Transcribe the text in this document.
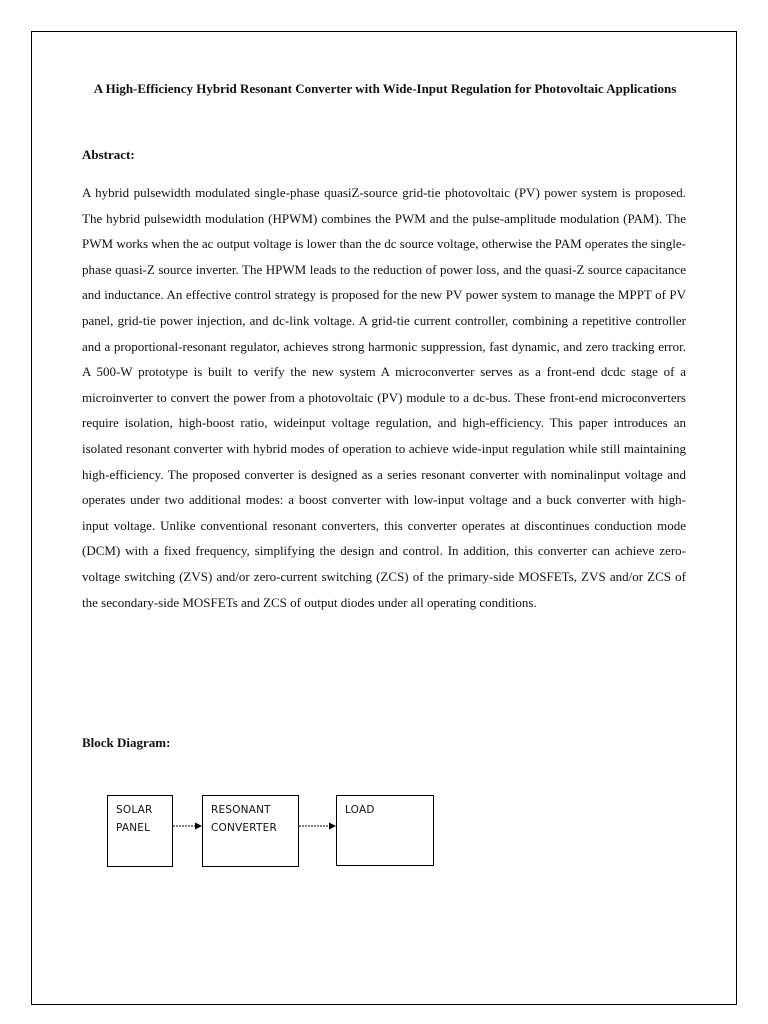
A High-Efficiency Hybrid Resonant Converter with Wide-Input Regulation for Photovoltaic Applications
Abstract:

A hybrid pulsewidth modulated single-phase quasiZ-source grid-tie photovoltaic (PV) power system is proposed. The hybrid pulsewidth modulation (HPWM) combines the PWM and the pulse-amplitude modulation (PAM). The PWM works when the ac output voltage is lower than the dc source voltage, otherwise the PAM operates the single-phase quasi-Z source inverter. The HPWM leads to the reduction of power loss, and the quasi-Z source capacitance and inductance. An effective control strategy is proposed for the new PV power system to manage the MPPT of PV panel, grid-tie power injection, and dc-link voltage. A grid-tie current controller, combining a repetitive controller and a proportional-resonant regulator, achieves strong harmonic suppression, fast dynamic, and zero tracking error. A 500-W prototype is built to verify the new system A microconverter serves as a front-end dcdc stage of a microinverter to convert the power from a photovoltaic (PV) module to a dc-bus. These front-end microconverters require isolation, high-boost ratio, wideinput voltage regulation, and high-efficiency. This paper introduces an isolated resonant converter with hybrid modes of operation to achieve wide-input regulation while still maintaining high-efficiency. The proposed converter is designed as a series resonant converter with nominalinput voltage and operates under two additional modes: a boost converter with low-input voltage and a buck converter with high-input voltage. Unlike conventional resonant converters, this converter operates at discontinues conduction mode (DCM) with a fixed frequency, simplifying the design and control. In addition, this converter can achieve zero-voltage switching (ZVS) and/or zero-current switching (ZCS) of the primary-side MOSFETs, ZVS and/or ZCS of the secondary-side MOSFETs and ZCS of output diodes under all operating conditions.

Block Diagram:
SOLAR
PANEL
RESONANT
CONVERTER
LOAD
